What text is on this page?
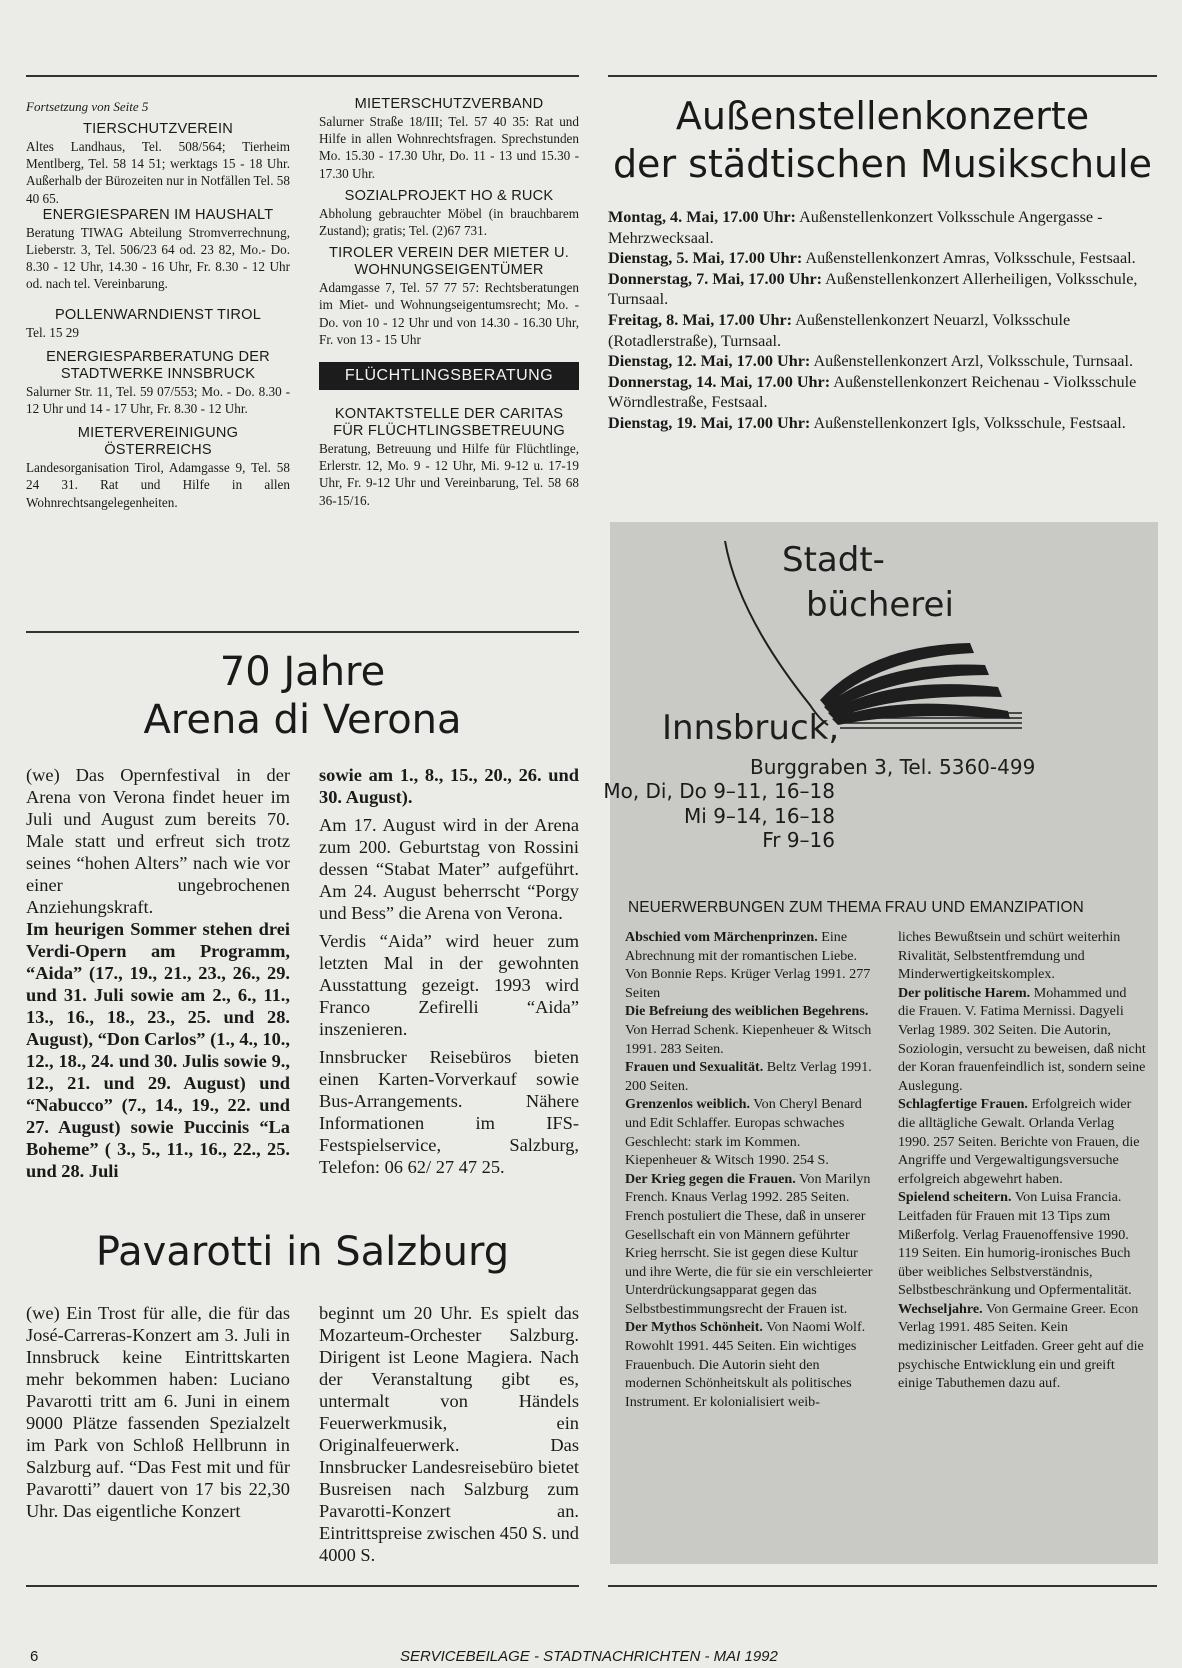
Fortsetzung von Seite 5
TIERSCHUTZVEREIN
Altes Landhaus, Tel. 508/564; Tierheim Mentlberg, Tel. 58 14 51; werktags 15 - 18 Uhr. Außerhalb der Bürozeiten nur in Notfällen Tel. 58 40 65.
ENERGIESPAREN IM HAUSHALT
Beratung TIWAG Abteilung Stromverrechnung, Lieberstr. 3, Tel. 506/23 64 od. 23 82, Mo.- Do. 8.30 - 12 Uhr, 14.30 - 16 Uhr, Fr. 8.30 - 12 Uhr od. nach tel. Vereinbarung.
POLLENWARNDIENST TIROL
Tel. 15 29
ENERGIESPARBERATUNG DER STADTWERKE INNSBRUCK
Salurner Str. 11, Tel. 59 07/553; Mo. - Do. 8.30 - 12 Uhr und 14 - 17 Uhr, Fr. 8.30 - 12 Uhr.
MIETERVEREINIGUNG ÖSTERREICHS
Landesorganisation Tirol, Adamgasse 9, Tel. 58 24 31. Rat und Hilfe in allen Wohnrechtsangelegenheiten.
MIETERSCHUTZVERBAND
Salurner Straße 18/III; Tel. 57 40 35: Rat und Hilfe in allen Wohnrechtsfragen. Sprechstunden Mo. 15.30 - 17.30 Uhr, Do. 11 - 13 und 15.30 - 17.30 Uhr.
SOZIALPROJEKT HO & RUCK
Abholung gebrauchter Möbel (in brauchbarem Zustand); gratis; Tel. (2)67 731.
TIROLER VEREIN DER MIETER U. WOHNUNGSEIGENTÜMER
Adamgasse 7, Tel. 57 77 57: Rechtsberatungen im Miet- und Wohnungseigentumsrecht; Mo. - Do. von 10 - 12 Uhr und von 14.30 - 16.30 Uhr, Fr. von 13 - 15 Uhr
FLÜCHTLINGSBERATUNG
KONTAKTSTELLE DER CARITAS FÜR FLÜCHTLINGSBETREUUNG
Beratung, Betreuung und Hilfe für Flüchtlinge, Erlerstr. 12, Mo. 9 - 12 Uhr, Mi. 9-12 u. 17-19 Uhr, Fr. 9-12 Uhr und Vereinbarung, Tel. 58 68 36-15/16.
Außenstellenkonzerte
der städtischen Musikschule
Montag, 4. Mai, 17.00 Uhr: Außenstellenkonzert Volksschule Angergasse - Mehrzwecksaal.
Dienstag, 5. Mai, 17.00 Uhr: Außenstellenkonzert Amras, Volksschule, Festsaal.
Donnerstag, 7. Mai, 17.00 Uhr: Außenstellenkonzert Allerheiligen, Volksschule, Turnsaal.
Freitag, 8. Mai, 17.00 Uhr: Außenstellenkonzert Neuarzl, Volksschule (Rotadlerstraße), Turnsaal.
Dienstag, 12. Mai, 17.00 Uhr: Außenstellenkonzert Arzl, Volksschule, Turnsaal.
Donnerstag, 14. Mai, 17.00 Uhr: Außenstellenkonzert Reichenau - Violksschule Wörndlestraße, Festsaal.
Dienstag, 19. Mai, 17.00 Uhr: Außenstellenkonzert Igls, Volksschule, Festsaal.
70 Jahre
Arena di Verona
(we) Das Opernfestival in der Arena von Verona findet heuer im Juli und August zum bereits 70. Male statt und erfreut sich trotz seines “hohen Alters” nach wie vor einer ungebrochenen Anziehungskraft.
Im heurigen Sommer stehen drei Verdi-Opern am Programm, “Aida” (17., 19., 21., 23., 26., 29. und 31. Juli sowie am 2., 6., 11., 13., 16., 18., 23., 25. und 28. August), “Don Carlos” (1., 4., 10., 12., 18., 24. und 30. Julis sowie 9., 12., 21. und 29. August) und “Nabucco” (7., 14., 19., 22. und 27. August) sowie Puccinis “La Boheme” ( 3., 5., 11., 16., 22., 25. und 28. Juli

sowie am 1., 8., 15., 20., 26. und 30. August).

Am 17. August wird in der Arena zum 200. Geburtstag von Rossini dessen “Stabat Mater” aufgeführt. Am 24. August beherrscht “Porgy und Bess” die Arena von Verona.

Verdis “Aida” wird heuer zum letzten Mal in der gewohnten Ausstattung gezeigt. 1993 wird Franco Zefirelli “Aida” inszenieren.

Innsbrucker Reisebüros bieten einen Karten-Vorverkauf sowie Bus-Arrangements. Nähere Informationen im IFS-Festspielservice, Salzburg, Telefon: 06 62/ 27 47 25.

Pavarotti in Salzburg
(we) Ein Trost für alle, die für das José-Carreras-Konzert am 3. Juli in Innsbruck keine Eintrittskarten mehr bekommen haben: Luciano Pavarotti tritt am 6. Juni in einem 9000 Plätze fassenden Spezialzelt im Park von Schloß Hellbrunn in Salzburg auf. “Das Fest mit und für Pavarotti” dauert von 17 bis 22,30 Uhr. Das eigentliche Konzert
beginnt um 20 Uhr. Es spielt das Mozarteum-Orchester Salzburg. Dirigent ist Leone Magiera. Nach der Veranstaltung gibt es, untermalt von Händels Feuerwerkmusik, ein Originalfeuerwerk. Das Innsbrucker Landesreisebüro bietet Busreisen nach Salzburg zum Pavarotti-Konzert an. Eintrittspreise zwischen 450 S. und 4000 S.
Stadt-
bücherei
Innsbruck,
Burggraben 3, Tel. 5360-499
Mo, Di, Do 9–11, 16–18
Mi 9–14, 16–18
Fr 9–16
NEUERWERBUNGEN ZUM THEMA FRAU UND EMANZIPATION
Abschied vom Märchenprinzen. Eine Abrechnung mit der romantischen Liebe. Von Bonnie Reps. Krüger Verlag 1991. 277 Seiten
Die Befreiung des weiblichen Begehrens. Von Herrad Schenk. Kiepenheuer & Witsch 1991. 283 Seiten.
Frauen und Sexualität. Beltz Verlag 1991. 200 Seiten.
Grenzenlos weiblich. Von Cheryl Benard und Edit Schlaffer. Europas schwaches Geschlecht: stark im Kommen. Kiepenheuer & Witsch 1990. 254 S.
Der Krieg gegen die Frauen. Von Marilyn French. Knaus Verlag 1992. 285 Seiten. French postuliert die These, daß in unserer Gesellschaft ein von Männern geführter Krieg herrscht. Sie ist gegen diese Kultur und ihre Werte, die für sie ein verschleierter Unterdrückungsapparat gegen das Selbstbestimmungsrecht der Frauen ist.
Der Mythos Schönheit. Von Naomi Wolf. Rowohlt 1991. 445 Seiten. Ein wichtiges Frauenbuch. Die Autorin sieht den modernen Schönheitskult als politisches Instrument. Er kolonialisiert weib-
liches Bewußtsein und schürt weiterhin Rivalität, Selbstentfremdung und Minderwertigkeitskomplex.
Der politische Harem. Mohammed und die Frauen. V. Fatima Mernissi. Dagyeli Verlag 1989. 302 Seiten. Die Autorin, Soziologin, versucht zu beweisen, daß nicht der Koran frauenfeindlich ist, sondern seine Auslegung.
Schlagfertige Frauen. Erfolgreich wider die alltägliche Gewalt. Orlanda Verlag 1990. 257 Seiten. Berichte von Frauen, die Angriffe und Vergewaltigungsversuche erfolgreich abgewehrt haben.
Spielend scheitern. Von Luisa Francia. Leitfaden für Frauen mit 13 Tips zum Mißerfolg. Verlag Frauenoffensive 1990. 119 Seiten. Ein humorig-ironisches Buch über weibliches Selbstverständnis, Selbstbeschränkung und Opfermentalität.
Wechseljahre. Von Germaine Greer. Econ Verlag 1991. 485 Seiten. Kein medizinischer Leitfaden. Greer geht auf die psychische Entwicklung ein und greift einige Tabuthemen dazu auf.
6	SERVICEBEILAGE - STADTNACHRICHTEN - MAI 1992
